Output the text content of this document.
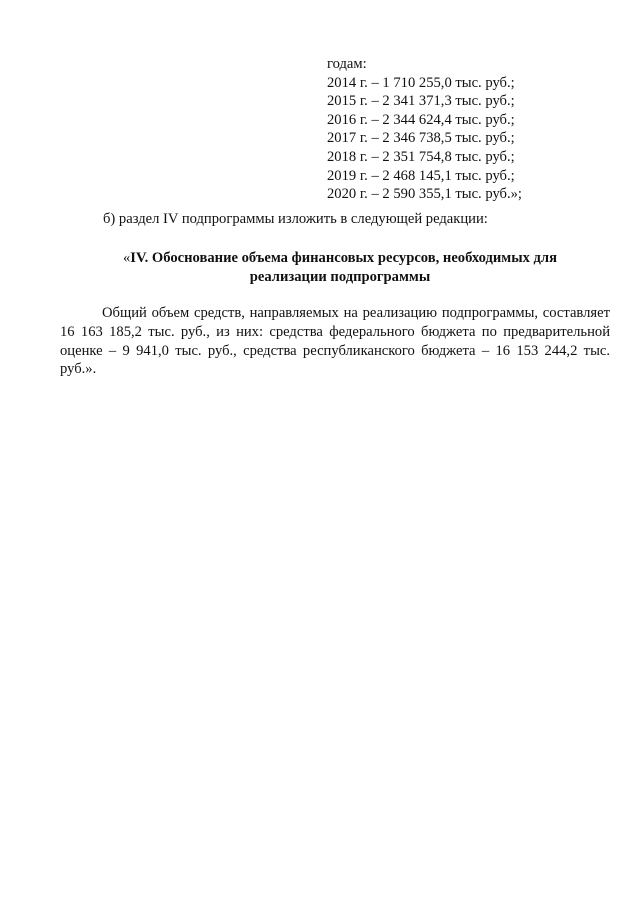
годам:
2014 г. – 1 710 255,0 тыс. руб.;
2015 г. – 2 341 371,3 тыс. руб.;
2016 г. – 2 344 624,4 тыс. руб.;
2017 г. – 2 346 738,5 тыс. руб.;
2018 г. – 2 351 754,8 тыс. руб.;
2019 г. – 2 468 145,1 тыс. руб.;
2020 г. – 2 590 355,1 тыс. руб.»;
б) раздел IV подпрограммы изложить в следующей редакции:
«IV. Обоснование объема финансовых ресурсов, необходимых для
реализации подпрограммы
Общий объем средств, направляемых на реализацию подпрограммы, составляет 16 163 185,2 тыс. руб., из них: средства федерального бюджета по предварительной оценке – 9 941,0 тыс. руб., средства республиканского бюджета – 16 153 244,2 тыс. руб.».
